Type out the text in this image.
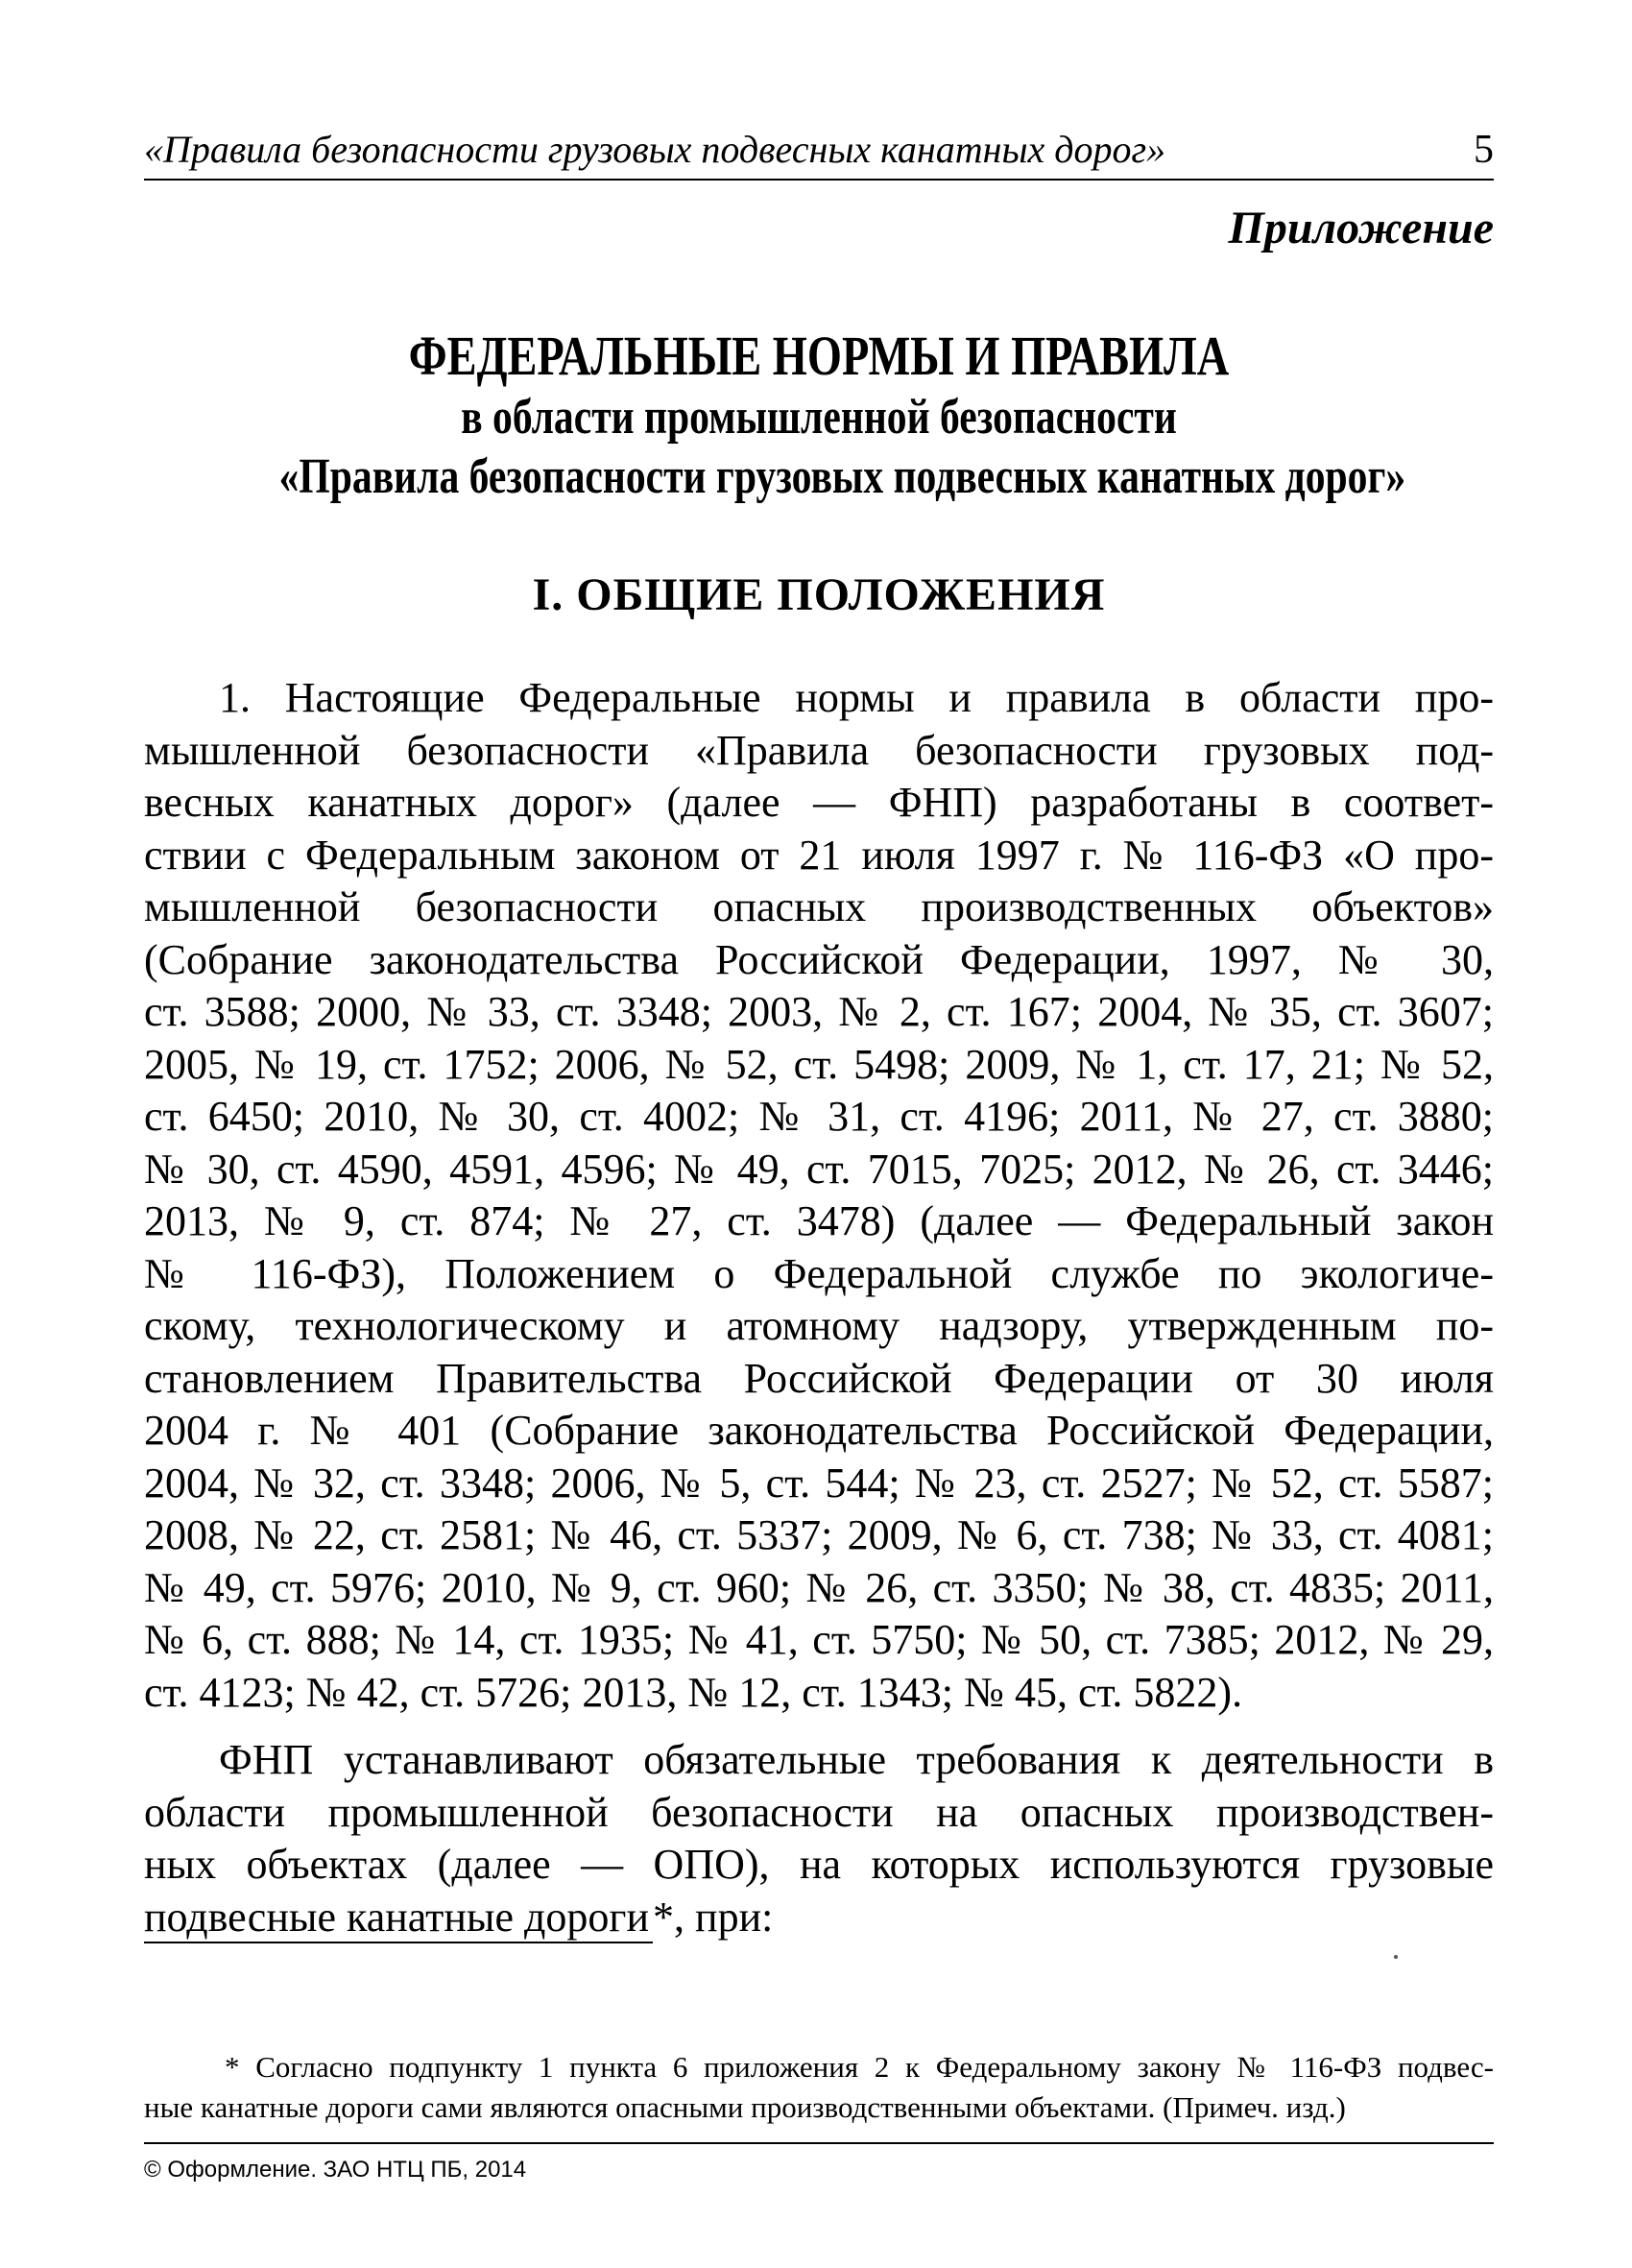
«Правила безопасности грузовых подвесных канатных дорог»	5
Приложение
ФЕДЕРАЛЬНЫЕ НОРМЫ И ПРАВИЛА
в области промышленной безопасности
«Правила безопасности грузовых подвесных канатных дорог»
I. ОБЩИЕ ПОЛОЖЕНИЯ
1. Настоящие Федеральные нормы и правила в области про-
мышленной безопасности «Правила безопасности грузовых под-
весных канатных дорог» (далее — ФНП) разработаны в соответ-
ствии с Федеральным законом от 21 июля 1997 г. № 116-ФЗ «О про-
мышленной безопасности опасных производственных объектов»
(Собрание законодательства Российской Федерации, 1997, № 30,
ст. 3588; 2000, № 33, ст. 3348; 2003, № 2, ст. 167; 2004, № 35, ст. 3607;
2005, № 19, ст. 1752; 2006, № 52, ст. 5498; 2009, № 1, ст. 17, 21; № 52,
ст. 6450; 2010, № 30, ст. 4002; № 31, ст. 4196; 2011, № 27, ст. 3880;
№ 30, ст. 4590, 4591, 4596; № 49, ст. 7015, 7025; 2012, № 26, ст. 3446;
2013, № 9, ст. 874; № 27, ст. 3478) (далее — Федеральный закон
№ 116-ФЗ), Положением о Федеральной службе по экологиче-
скому, технологическому и атомному надзору, утвержденным по-
становлением Правительства Российской Федерации от 30 июля
2004 г. № 401 (Собрание законодательства Российской Федерации,
2004, № 32, ст. 3348; 2006, № 5, ст. 544; № 23, ст. 2527; № 52, ст. 5587;
2008, № 22, ст. 2581; № 46, ст. 5337; 2009, № 6, ст. 738; № 33, ст. 4081;
№ 49, ст. 5976; 2010, № 9, ст. 960; № 26, ст. 3350; № 38, ст. 4835; 2011,
№ 6, ст. 888; № 14, ст. 1935; № 41, ст. 5750; № 50, ст. 7385; 2012, № 29,
ст. 4123; № 42, ст. 5726; 2013, № 12, ст. 1343; № 45, ст. 5822).
ФНП устанавливают обязательные требования к деятельности в
области промышленной безопасности на опасных производствен-
ных объектах (далее — ОПО), на которых используются грузовые
подвесные канатные дороги*, при:
* Согласно подпункту 1 пункта 6 приложения 2 к Федеральному закону № 116-ФЗ подвес-
ные канатные дороги сами являются опасными производственными объектами. (Примеч. изд.)
© Оформление. ЗАО НТЦ ПБ, 2014
